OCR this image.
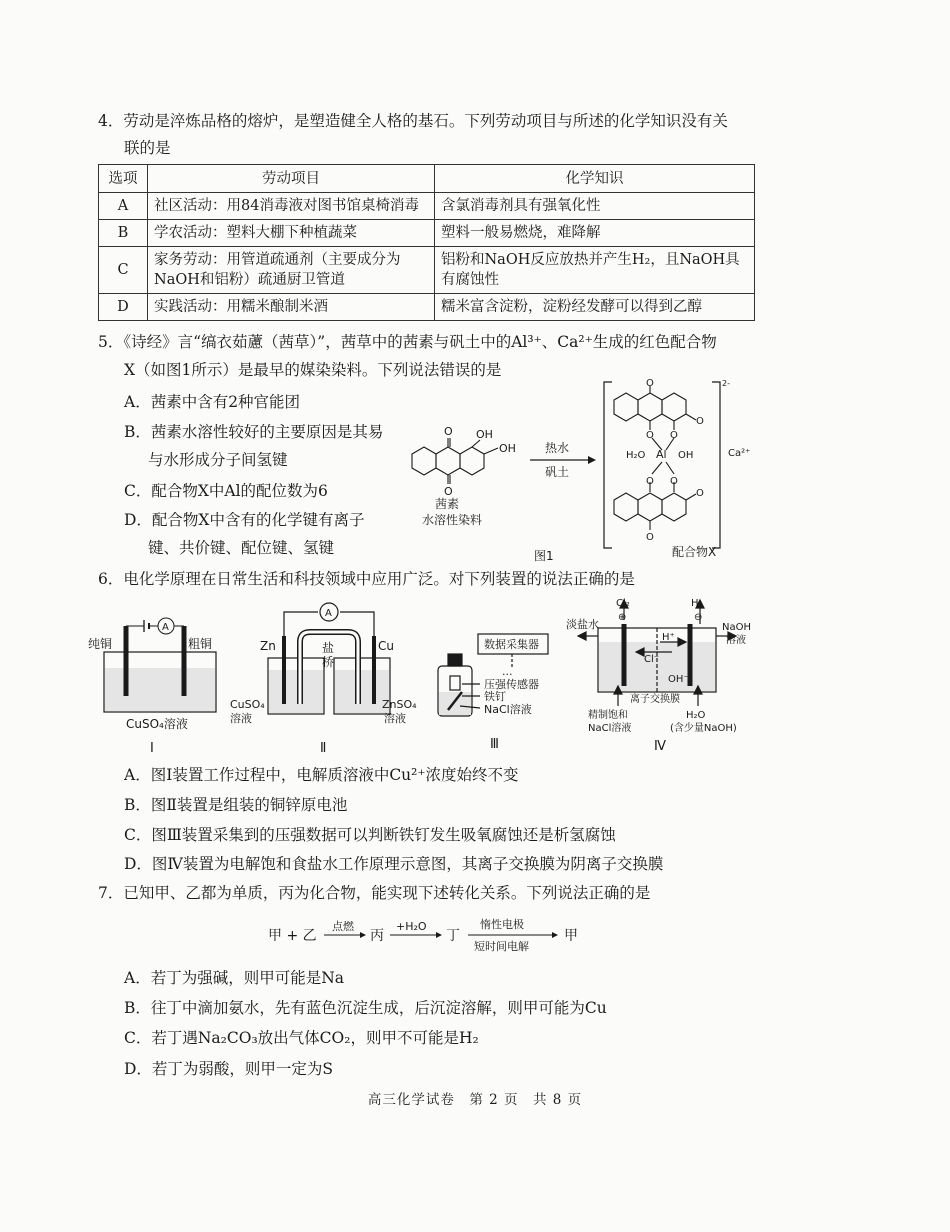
4．劳动是淬炼品格的熔炉，是塑造健全人格的基石。下列劳动项目与所述的化学知识没有关
联的是
选项	劳动项目	化学知识
A	社区活动：用84消毒液对图书馆桌椅消毒	含氯消毒剂具有强氧化性
B	学农活动：塑料大棚下种植蔬菜	塑料一般易燃烧，难降解
C	家务劳动：用管道疏通剂（主要成分为NaOH和铝粉）疏通厨卫管道	铝粉和NaOH反应放热并产生H₂，且NaOH具有腐蚀性
D	实践活动：用糯米酿制米酒	糯米富含淀粉，淀粉经发酵可以得到乙醇
5．《诗经》言“缟衣茹藘（茜草）”，茜草中的茜素与矾土中的Al³⁺、Ca²⁺生成的红色配合物
X（如图1所示）是最早的媒染染料。下列说法错误的是
A．茜素中含有2种官能团
B．茜素水溶性较好的主要原因是其易
与水形成分子间氢键
C．配合物X中Al的配位数为6
D．配合物X中含有的化学键有离子
键、共价键、配位键、氢键
O
O
OH
OH
茜素
水溶性染料
热水
矾土
2-
Ca²⁺
O
O O
O
Al
H₂O	OH
O O
O
O
配合物X
图1
6．电化学原理在日常生活和科技领域中应用广泛。对下列装置的说法正确的是
A
纯铜	粗铜
CuSO₄溶液
Ⅰ
A
Zn	Cu
盐
桥
CuSO₄
溶液
ZnSO₄
溶液
Ⅱ
数据采集器
···
压强传感器
铁钉
NaCl溶液
Ⅲ
Cl₂	H₂
⊕	⊖
淡盐水	NaOH
溶液
Cl⁻
H⁺
OH⁻
离子交换膜
精制饱和
NaCl溶液
H₂O
(含少量NaOH)
Ⅳ
A．图Ⅰ装置工作过程中，电解质溶液中Cu²⁺浓度始终不变
B．图Ⅱ装置是组装的铜锌原电池
C．图Ⅲ装置采集到的压强数据可以判断铁钉发生吸氧腐蚀还是析氢腐蚀
D．图Ⅳ装置为电解饱和食盐水工作原理示意图，其离子交换膜为阴离子交换膜
7．已知甲、乙都为单质，丙为化合物，能实现下述转化关系。下列说法正确的是
甲 + 乙
点燃
丙
+H₂O
丁
惰性电极
短时间电解
甲
A．若丁为强碱，则甲可能是Na
B．往丁中滴加氨水，先有蓝色沉淀生成，后沉淀溶解，则甲可能为Cu
C．若丁遇Na₂CO₃放出气体CO₂，则甲不可能是H₂
D．若丁为弱酸，则甲一定为S
高三化学试卷　第 2 页　共 8 页
